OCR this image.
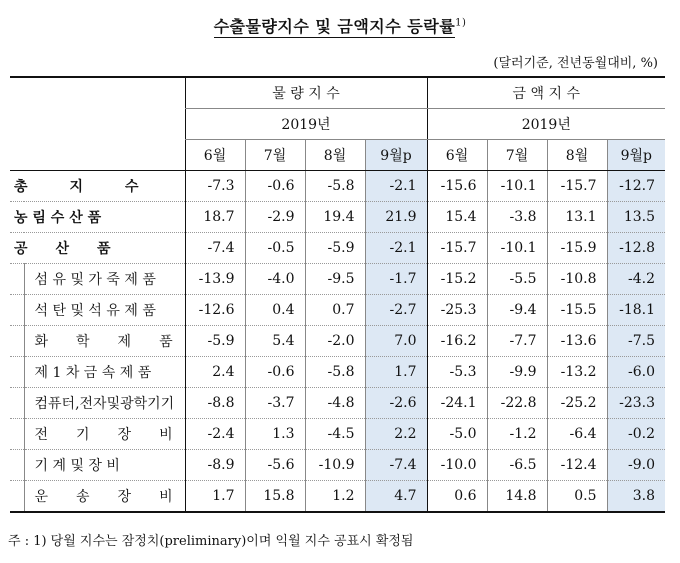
수출물량지수 및 금액지수 등락률$^{1)}$
(달러기준, 전년동월대비, %)
		물 량 지 수				금 액 지 수			
		2019년				2019년			
		6월	7월	8월	9월p	6월	7월	8월	9월p
총　　　지　　　수		-7.3	-0.6	-5.8	-2.1	-15.6	-10.1	-15.7	-12.7
농 림 수 산 품		18.7	-2.9	19.4	21.9	15.4	-3.8	13.1	13.5
공　　산　　품		-7.4	-0.5	-5.9	-2.1	-15.7	-10.1	-15.9	-12.8
	섬 유 및 가 죽 제 품	-13.9	-4.0	-9.5	-1.7	-15.2	-5.5	-10.8	-4.2
	석 탄 및 석 유 제 품	-12.6	0.4	0.7	-2.7	-25.3	-9.4	-15.5	-18.1
	화　　학　　제　　품	-5.9	5.4	-2.0	7.0	-16.2	-7.7	-13.6	-7.5
	제 1 차 금 속 제 품	2.4	-0.6	-5.8	1.7	-5.3	-9.9	-13.2	-6.0
	컴퓨터,전자및광학기기	-8.8	-3.7	-4.8	-2.6	-24.1	-22.8	-25.2	-23.3
	전　　기　　장　　비	-2.4	1.3	-4.5	2.2	-5.0	-1.2	-6.4	-0.2
	기 계 및 장 비	-8.9	-5.6	-10.9	-7.4	-10.0	-6.5	-12.4	-9.0
	운　　송　　장　　비	1.7	15.8	1.2	4.7	0.6	14.8	0.5	3.8
주 : 1) 당월 지수는 잠정치(preliminary)이며 익월 지수 공표시 확정됨
